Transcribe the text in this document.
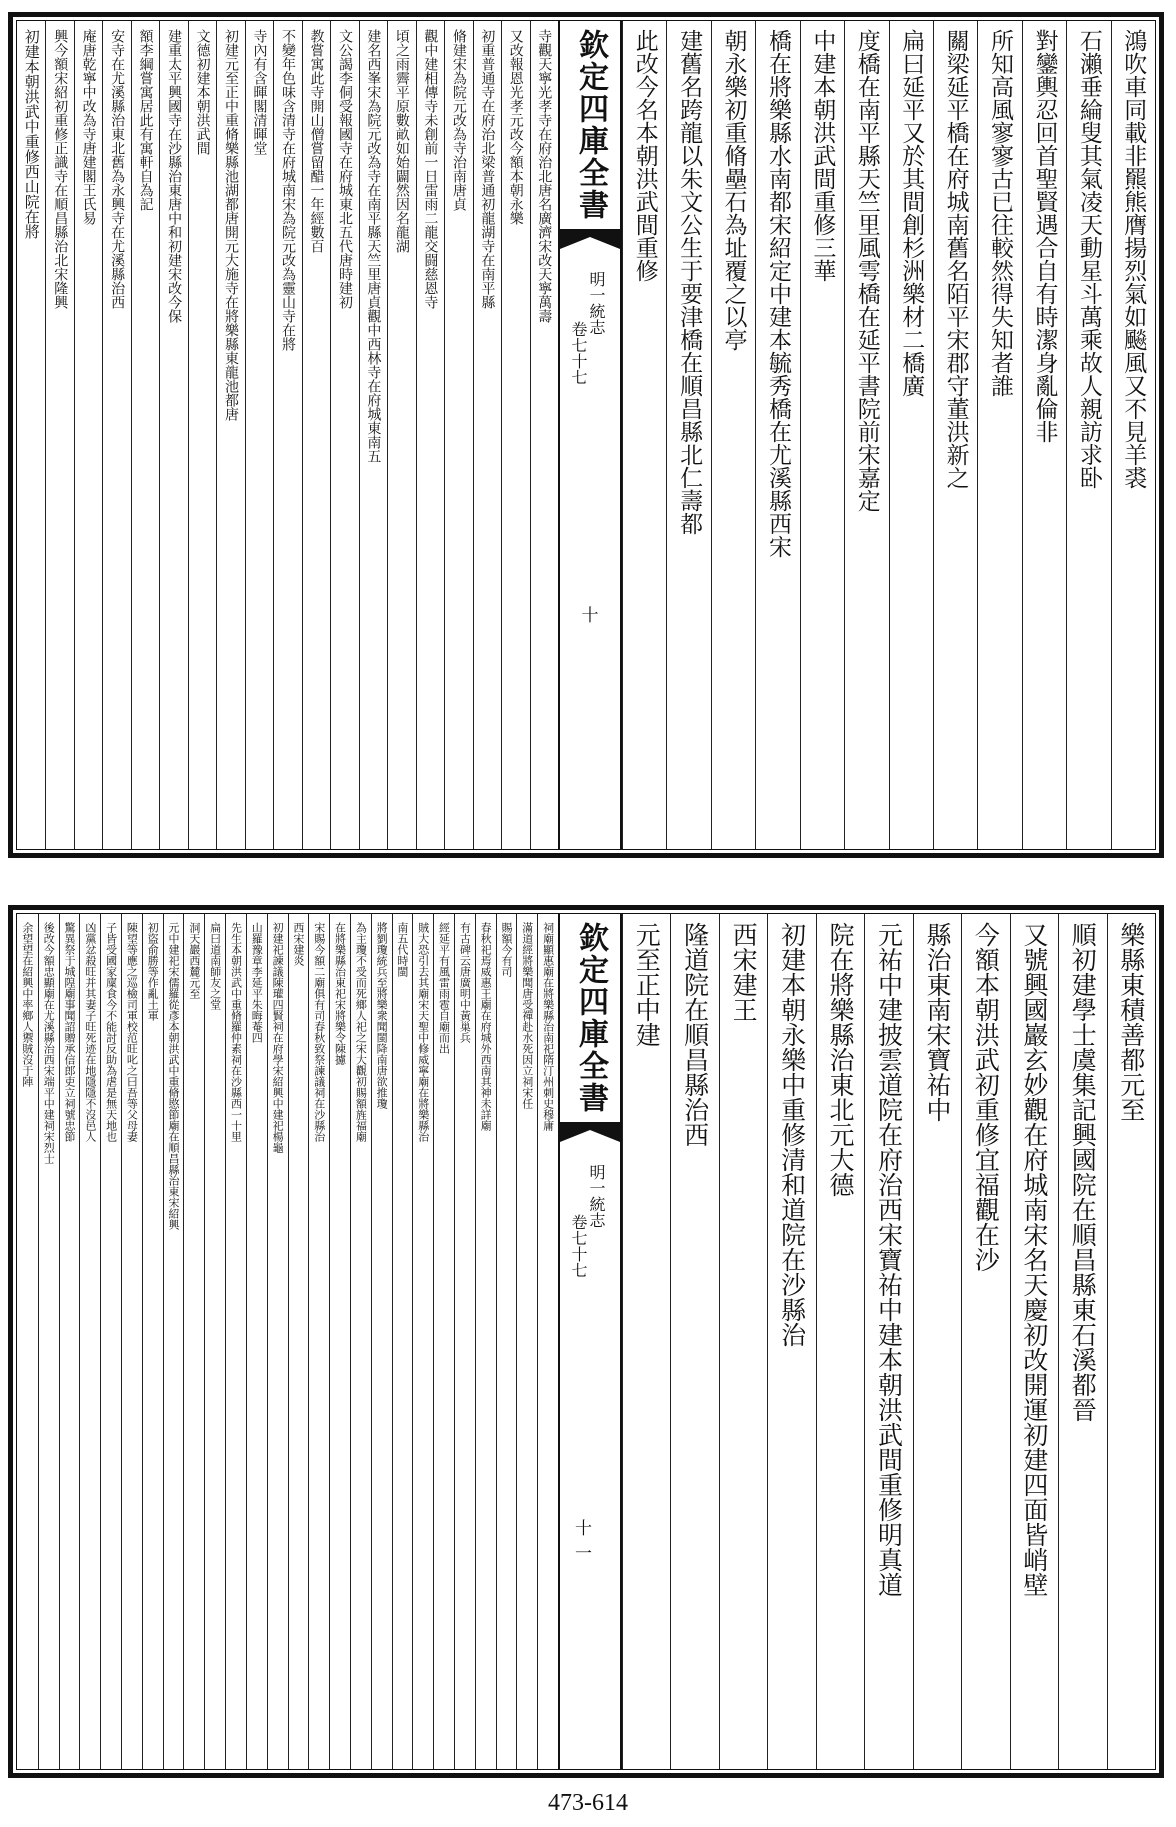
欽定四庫全書
明一統志
卷七十七
十
鴻吹車同載非羆熊膺揚烈氣如飈風又不見羊裘
石瀨垂綸叟其氣凌天動星斗萬乘故人親訪求卧
對鑾輿忍回首聖賢遇合自有時潔身亂倫非
所知高風寥寥古已往較然得失知者誰
關梁延平橋在府城南舊名陌平宋郡守董洪新之
扁曰延平又於其間創杉洲樂材二橋廣
度橋在南平縣天竺里風雩橋在延平書院前宋嘉定
中建本朝洪武間重修三華
橋在將樂縣水南都宋紹定中建本毓秀橋在尤溪縣西宋
朝永樂初重脩壘石為址覆之以亭
建舊名跨龍以朱文公生于要津橋在順昌縣北仁壽都
此改今名本朝洪武間重修
寺觀天寧光孝寺在府治北唐名廣濟宋改天寧萬壽
又改報恩光孝元改今額本朝永樂
初重普通寺在府治北梁普通初龍湖寺在南平縣
脩建宋為院元改為寺治南唐貞
觀中建相傳寺未創前一日雷雨二龍交闘慈恩寺
頃之雨霽平原數畝如始闢然因名龍湖
建名西峯宋為院元改為寺在南平縣天竺里唐貞觀中西林寺在府城東南五
文公謁李侗受報國寺在府城東北五代唐時建初
教嘗寓此寺開山僧嘗留醋一年經數百
不變年色味含清寺在府城南宋為院元改為靈山寺在將
寺內有含暉閣清暉堂
初建元至正中重脩樂縣池湖都唐開元大施寺在將樂縣東龍池都唐
文德初建本朝洪武間
建重太平興國寺在沙縣治東唐中和初建宋改今保
額李綱嘗寓居此有寓軒自為記
安寺在尤溪縣治東北舊為永興寺在尤溪縣治西
庵唐乾寧中改為寺唐建閣王氏易
興今額宋紹初重修正識寺在順昌縣治北宋隆興
初建本朝洪武中重修西山院在將
欽定四庫全書
明一統志
卷七十七
十一
樂縣東積善都元至
順初建學士虞集記興國院在順昌縣東石溪都晉
又號興國巖玄妙觀在府城南宋名天慶初改開運初建四面皆峭壁
今額本朝洪武初重修宜福觀在沙
縣治東南宋寶祐中
元祐中建披雲道院在府治西宋寶祐中建本朝洪武間重修明真道
院在將樂縣治東北元大德
初建本朝永樂中重修清和道院在沙縣治
西宋建王
隆道院在順昌縣治西
元至正中建
祠廟顯惠廟在將樂縣治南祀隋汀州刺史穆庸
滿道經將樂聞唐受禪赴水死因立祠宋任
賜額今有司
春秋祀焉威惠王廟在府城外西南其神未詳廟
有古碑云唐廣明中黃巢兵
經延平有風雷雨雹自廟而出
賊大恐引去其廟宋天聖中修威寧廟在將樂縣治
南五代時閩
將劉瓊統兵至將樂衆聞閩降南唐欲推瓊
為主瓊不受而死鄉人祀之宋大觀初賜額旌福廟
在將樂縣治東祀宋將樂令陳攄
宋賜今額二廟俱有司春秋致祭諫議祠在沙縣治
西宋建炎
初建祀諫議陳瓘四賢祠在府學宋紹興中建祀楊龜
山羅豫章李延平朱晦菴四
先生本朝洪武中重脩羅仲素祠在沙縣西一十里
扁曰道南師友之堂
洞天巖西麓元至
元中建祀宋儒羅從彥本朝洪武中重脩愍節廟在順昌縣治東宋紹興
初盜俞勝等作亂土軍
陳望等應之巡檢司軍校范旺叱之曰吾等父母妻
子皆受國家廩食今不能討反助為虐是無天地也
凶黨忿殺旺并其妻子旺死迹在地隱隱不沒邑人
驚異祭于城隍廟事聞詔贈承信郎吏立祠號忠節
後改今額忠顯廟在尤溪縣治西宋端平中建祠宋烈士
余望望在紹興中率鄉人禦賊沒于陣
473-614
